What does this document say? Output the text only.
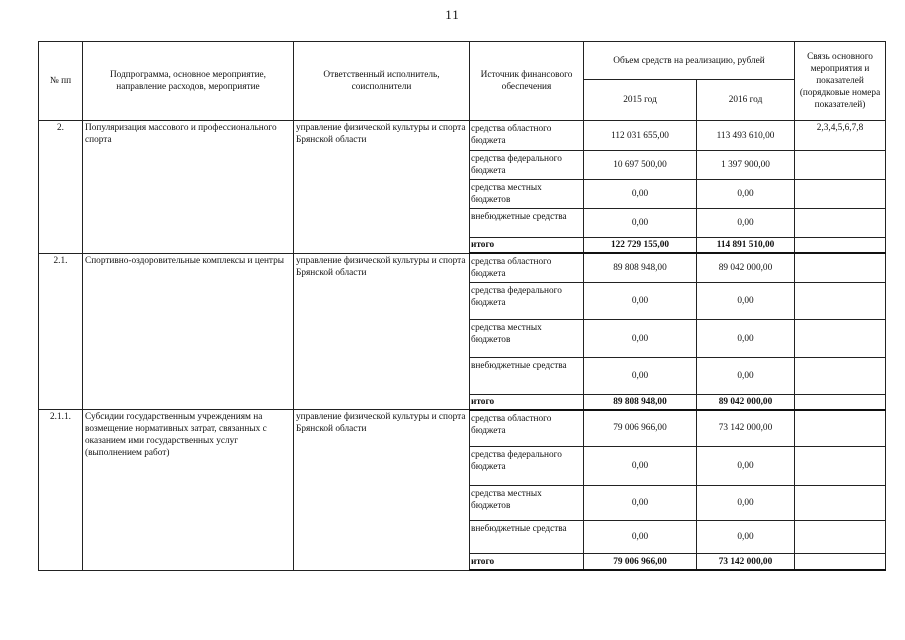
11
№ пп	Подпрограмма, основное мероприятие, направление расходов, мероприятие	Ответственный исполнитель, соисполнители	Источник финансового обеспечения	Объем средств на реализацию, рублей		Связь основного мероприятия и показателей (порядковые номера показателей)
				2015 год	2016 год	
2.	Популяризация массового и профессионального спорта	управление физической культуры и спорта Брянской области	средства областного бюджета	112 031 655,00	113 493 610,00	2,3,4,5,6,7,8
			средства федерального бюджета	10 697 500,00	1 397 900,00	
			средства местных бюджетов	0,00	0,00	
			внебюджетные средства	0,00	0,00	
			итого	122 729 155,00	114 891 510,00	
2.1.	Спортивно-оздоровительные комплексы и центры	управление физической культуры и спорта Брянской области	средства областного бюджета	89 808 948,00	89 042 000,00	
			средства федерального бюджета	0,00	0,00	
			средства местных бюджетов	0,00	0,00	
			внебюджетные средства	0,00	0,00	
			итого	89 808 948,00	89 042 000,00	
2.1.1.	Субсидии государственным учреждениям на возмещение нормативных затрат, связанных с оказанием ими государственных услуг (выполнением работ)	управление физической культуры и спорта Брянской области	средства областного бюджета	79 006 966,00	73 142 000,00	
			средства федерального бюджета	0,00	0,00	
			средства местных бюджетов	0,00	0,00	
			внебюджетные средства	0,00	0,00	
			итого	79 006 966,00	73 142 000,00	
